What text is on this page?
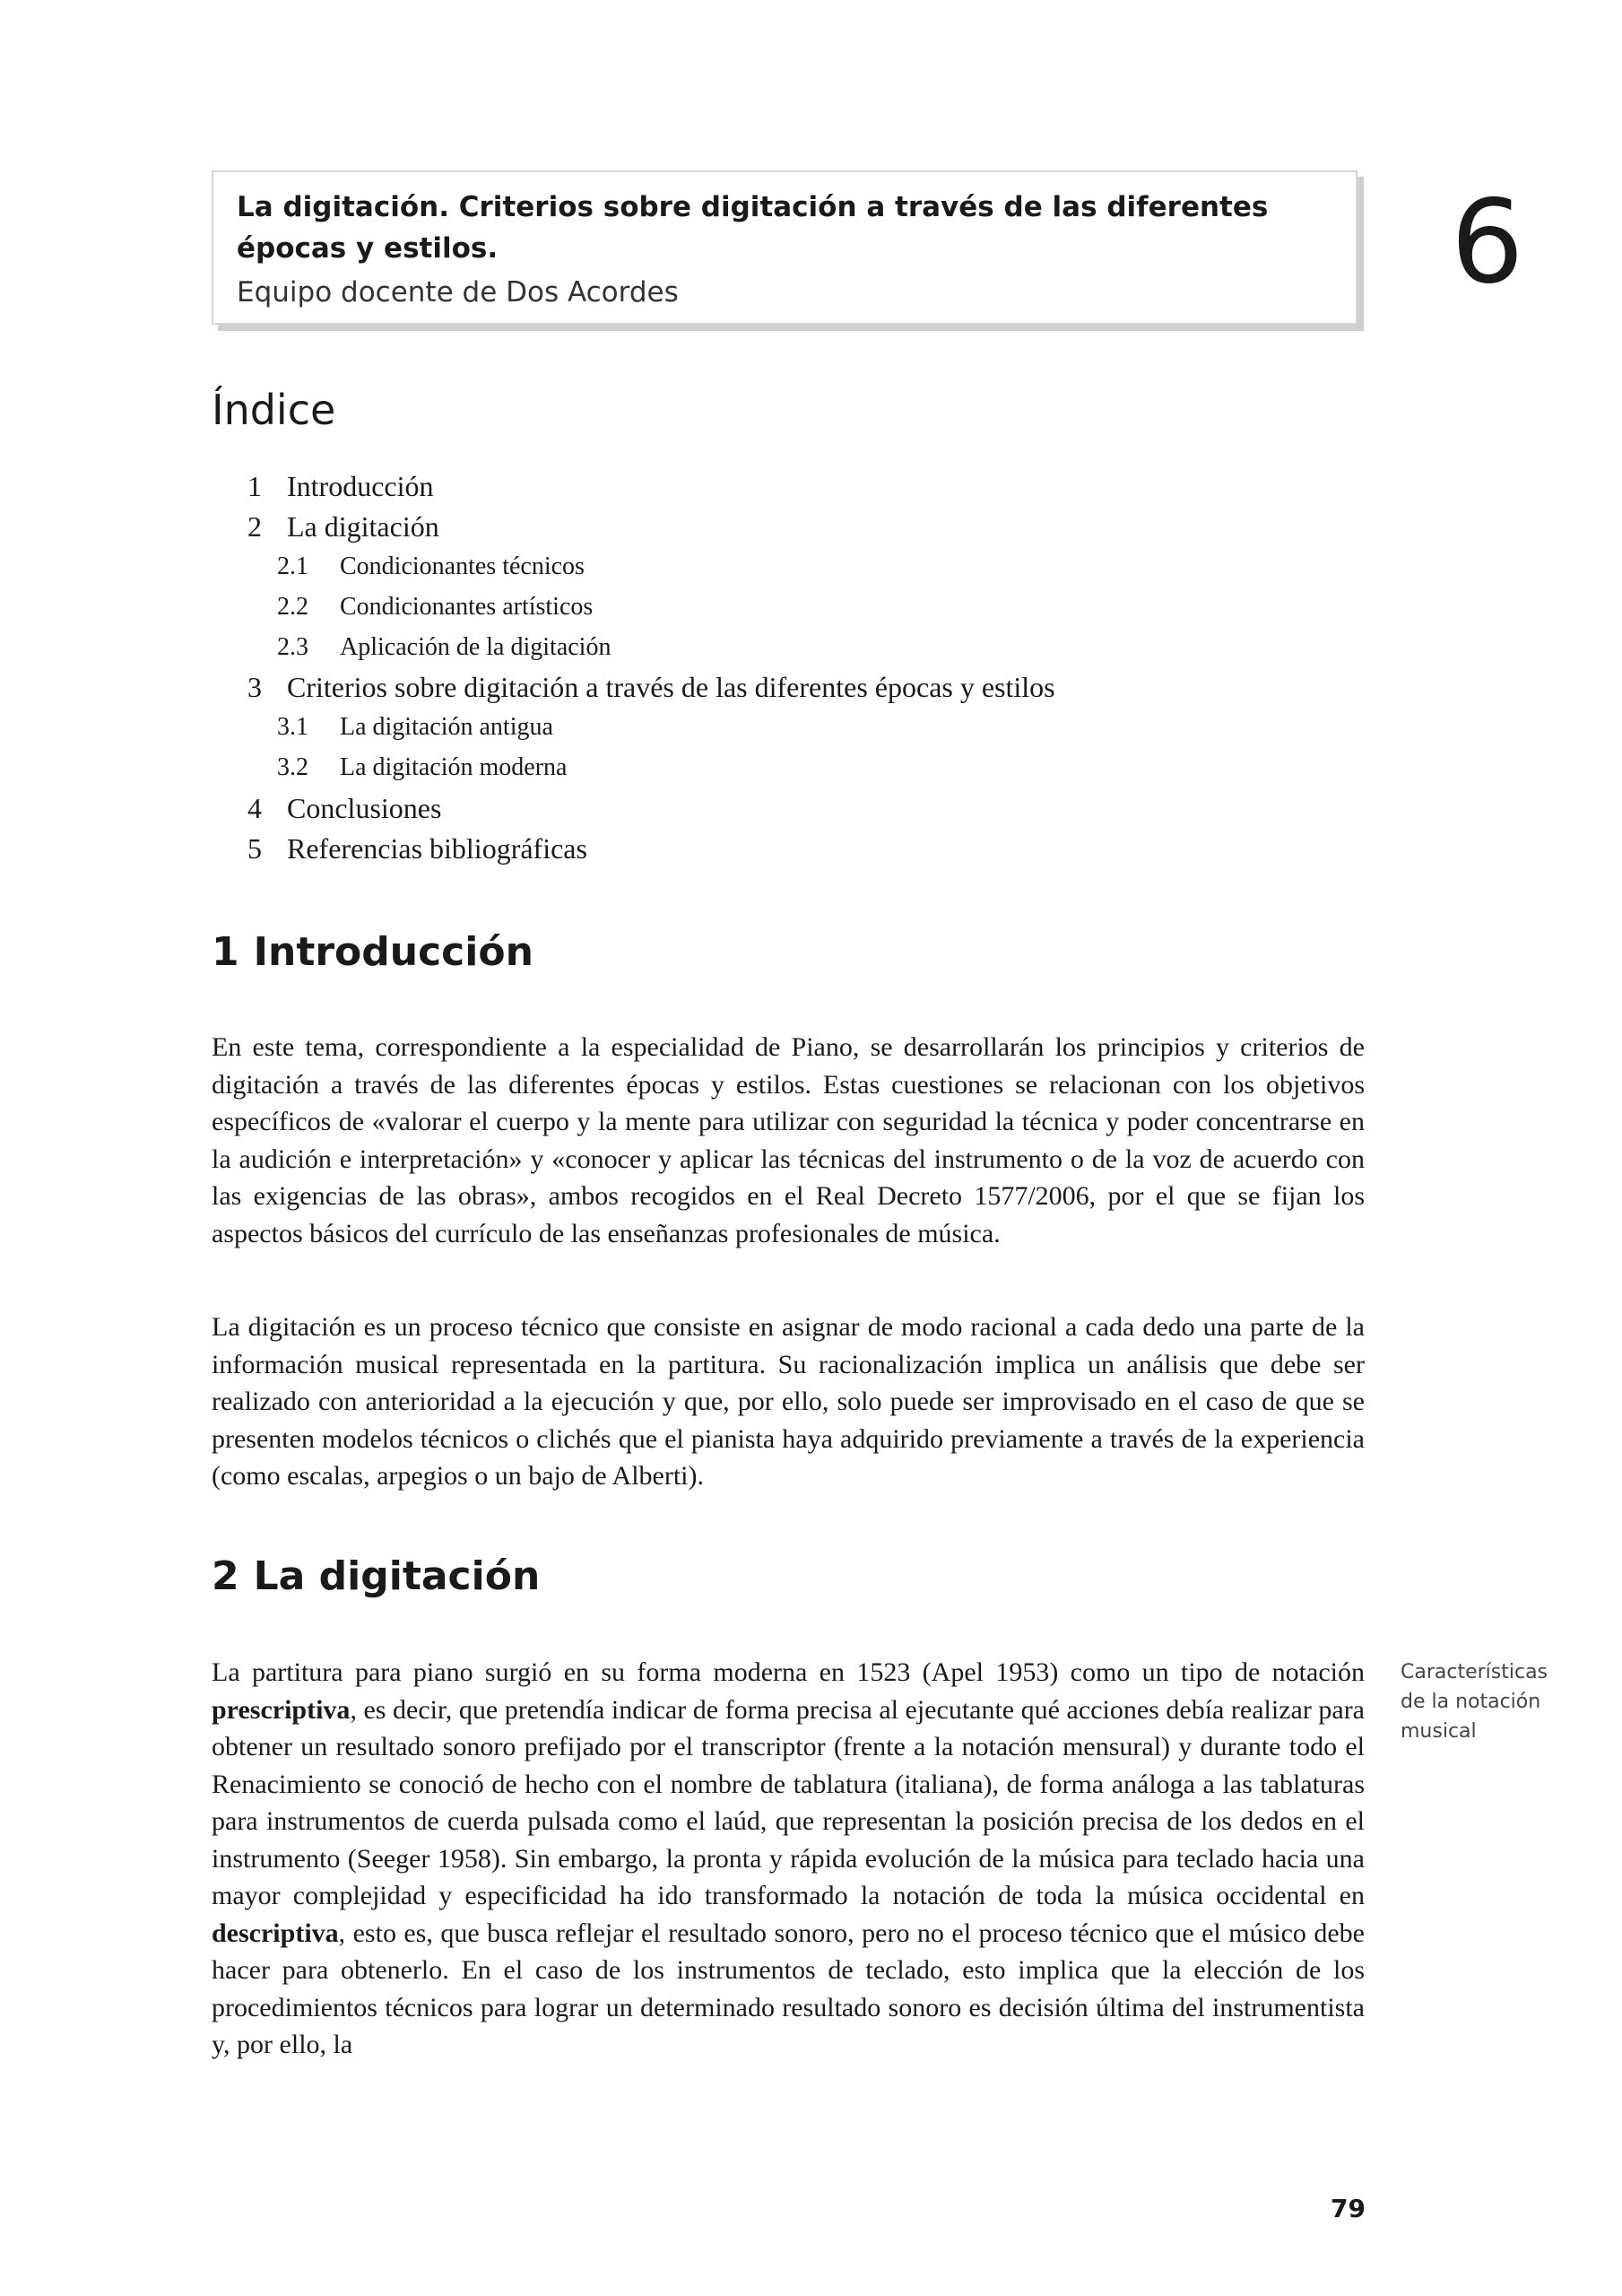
La digitación. Criterios sobre digitación a través de las diferentes épocas y estilos.

Equipo docente de Dos Acordes	6
Índice
1 Introducción
2 La digitación
2.1	Condicionantes técnicos
2.2	Condicionantes artísticos
2.3	Aplicación de la digitación
3 Criterios sobre digitación a través de las diferentes épocas y estilos
3.1	La digitación antigua
3.2	La digitación moderna
4 Conclusiones
5 Referencias bibliográficas
1 Introducción

En este tema, correspondiente a la especialidad de Piano, se desarrollarán los principios y criterios de digitación a través de las diferentes épocas y estilos. Estas cuestiones se relacionan con los objetivos específicos de «valorar el cuerpo y la mente para utilizar con seguridad la técnica y poder concentrarse en la audición e interpretación» y «conocer y aplicar las técnicas del instrumento o de la voz de acuerdo con las exigencias de las obras», ambos recogidos en el Real Decreto 1577/2006, por el que se fijan los aspectos básicos del currículo de las enseñanzas profesionales de música.

La digitación es un proceso técnico que consiste en asignar de modo racional a cada dedo una parte de la información musical representada en la partitura. Su racionalización implica un análisis que debe ser realizado con anterioridad a la ejecución y que, por ello, solo puede ser improvisado en el caso de que se presenten modelos técnicos o clichés que el pianista haya adquirido previamente a través de la experiencia (como escalas, arpegios o un bajo de Alberti).

2 La digitación

La partitura para piano surgió en su forma moderna en 1523 (Apel 1953) como un tipo de notación prescriptiva, es decir, que pretendía indicar de forma precisa al ejecutante qué acciones debía realizar para obtener un resultado sonoro prefijado por el transcriptor (frente a la notación mensural) y durante todo el Renacimiento se conoció de hecho con el nombre de tablatura (italiana), de forma análoga a las tablaturas para instrumentos de cuerda pulsada como el laúd, que representan la posición precisa de los dedos en el instrumento (Seeger 1958). Sin embargo, la pronta y rápida evolución de la música para teclado hacia una mayor complejidad y especificidad ha ido transformado la notación de toda la música occidental en descriptiva, esto es, que busca reflejar el resultado sonoro, pero no el proceso técnico que el músico debe hacer para obtenerlo. En el caso de los instrumentos de teclado, esto implica que la elección de los procedimientos técnicos para lograr un determinado resultado sonoro es decisión última del instrumentista y, por ello, la

Características de la notación musical
79
